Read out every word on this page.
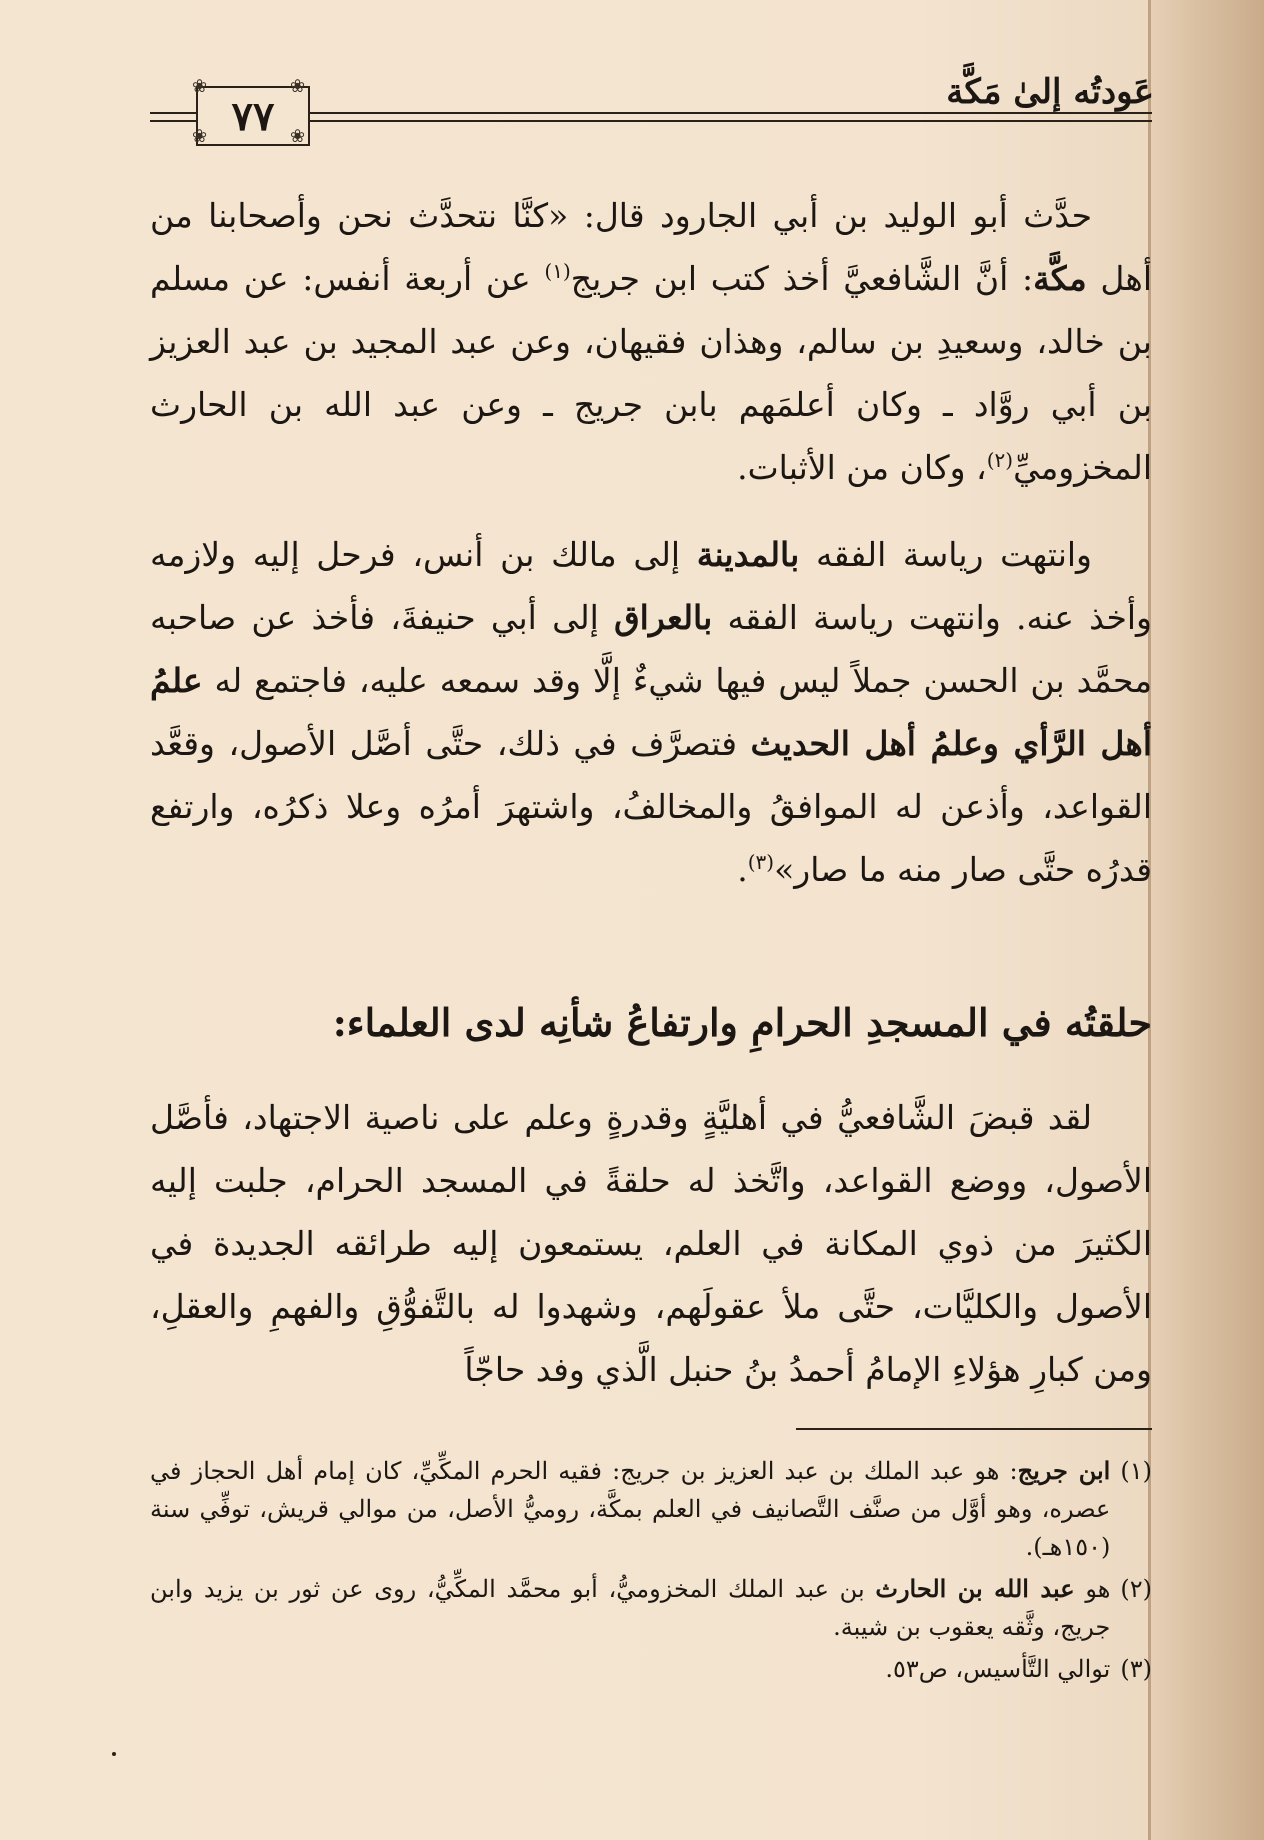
عَودتُه إلىٰ مَكَّة
٧٧
❀	❀
❀	❀

حدَّث أبو الوليد بن أبي الجارود قال: «كنَّا نتحدَّث نحن وأصحابنا من أهل مكَّة: أنَّ الشَّافعيَّ أخذ كتب ابن جريج$^{(١)}$ عن أربعة أنفس: عن مسلم بن خالد، وسعيدِ بن سالم، وهذان فقيهان، وعن عبد المجيد بن عبد العزيز بن أبي روَّاد ـ وكان أعلمَهم بابن جريج ـ وعن عبد الله بن الحارث المخزوميِّ$^{(٢)}$، وكان من الأثبات.

وانتهت رياسة الفقه بالمدينة إلى مالك بن أنس، فرحل إليه ولازمه وأخذ عنه. وانتهت رياسة الفقه بالعراق إلى أبي حنيفةَ، فأخذ عن صاحبه محمَّد بن الحسن جملاً ليس فيها شيءٌ إلَّا وقد سمعه عليه، فاجتمع له علمُ أهل الرَّأي وعلمُ أهل الحديث فتصرَّف في ذلك، حتَّى أصَّل الأصول، وقعَّد القواعد، وأذعن له الموافقُ والمخالفُ، واشتهرَ أمرُه وعلا ذكرُه، وارتفع قدرُه حتَّى صار منه ما صار»$^{(٣)}$.

حلقتُه في المسجدِ الحرامِ وارتفاعُ شأنِه لدى العلماء:

لقد قبضَ الشَّافعيُّ في أهليَّةٍ وقدرةٍ وعلم على ناصية الاجتهاد، فأصَّل الأصول، ووضع القواعد، واتَّخذ له حلقةً في المسجد الحرام، جلبت إليه الكثيرَ من ذوي المكانة في العلم، يستمعون إليه طرائقه الجديدة في الأصول والكليَّات، حتَّى ملأ عقولَهم، وشهدوا له بالتَّفوُّقِ والفهمِ والعقلِ، ومن كبارِ هؤلاءِ الإمامُ أحمدُ بنُ حنبل الَّذي وفد حاجّاً

(١)
ابن جريج: هو عبد الملك بن عبد العزيز بن جريج: فقيه الحرم المكِّيِّ، كان إمام أهل الحجاز في عصره، وهو أوَّل من صنَّف التَّصانيف في العلم بمكَّة، روميُّ الأصل، من موالي قريش، توفِّي سنة (١٥٠هـ).
(٢)
هو عبد الله بن الحارث بن عبد الملك المخزوميُّ، أبو محمَّد المكِّيُّ، روى عن ثور بن يزيد وابن جريج، وثَّقه يعقوب بن شيبة.
(٣)
توالي التَّأسيس، ص٥٣.
